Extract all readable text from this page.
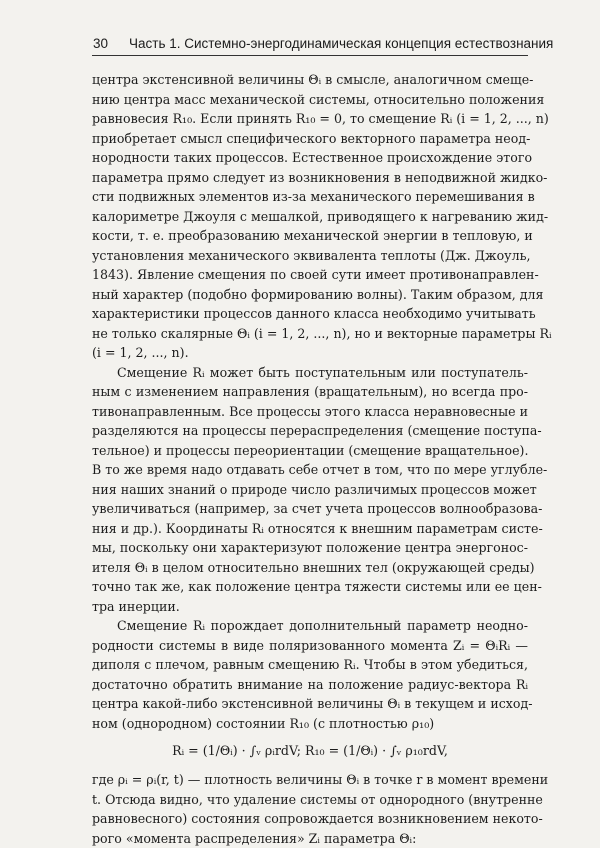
30 Часть 1. Системно-энергодинамическая концепция естествознания
центра экстенсивной величины Θᵢ в смысле, аналогичном смеще-
нию центра масс механической системы, относительно положения
равновесия R₁₀. Если принять R₁₀ = 0, то смещение Rᵢ (i = 1, 2, ..., n)
приобретает смысл специфического векторного параметра неод-
нородности таких процессов. Естественное происхождение этого
параметра прямо следует из возникновения в неподвижной жидко-
сти подвижных элементов из-за механического перемешивания в
калориметре Джоуля с мешалкой, приводящего к нагреванию жид-
кости, т. е. преобразованию механической энергии в тепловую, и
установления механического эквивалента теплоты (Дж. Джоуль,
1843). Явление смещения по своей сути имеет противонаправлен-
ный характер (подобно формированию волны). Таким образом, для
характеристики процессов данного класса необходимо учитывать
не только скалярные Θᵢ (i = 1, 2, ..., n), но и векторные параметры Rᵢ
(i = 1, 2, ..., n).
Смещение Rᵢ может быть поступательным или поступатель-
ным с изменением направления (вращательным), но всегда про-
тивонаправленным. Все процессы этого класса неравновесные и
разделяются на процессы перераспределения (смещение поступа-
тельное) и процессы переориентации (смещение вращательное).
В то же время надо отдавать себе отчет в том, что по мере углубле-
ния наших знаний о природе число различимых процессов может
увеличиваться (например, за счет учета процессов волнообразова-
ния и др.). Координаты Rᵢ относятся к внешним параметрам систе-
мы, поскольку они характеризуют положение центра энергонос-
ителя Θᵢ в целом относительно внешних тел (окружающей среды)
точно так же, как положение центра тяжести системы или ее цен-
тра инерции.
Смещение Rᵢ порождает дополнительный параметр неодно-
родности системы в виде поляризованного момента Zᵢ = ΘᵢRᵢ —
диполя с плечом, равным смещению Rᵢ. Чтобы в этом убедиться,
достаточно обратить внимание на положение радиус-вектора Rᵢ
центра какой-либо экстенсивной величины Θᵢ в текущем и исход-
ном (однородном) состоянии R₁₀ (с плотностью ρ₁₀)
Rᵢ = (1/Θᵢ) · ∫ᵥ ρᵢrdV; R₁₀ = (1/Θᵢ) · ∫ᵥ ρ₁₀rdV,
где ρᵢ = ρᵢ(r, t) — плотность величины Θᵢ в точке r в момент времени
t. Отсюда видно, что удаление системы от однородного (внутренне
равновесного) состояния сопровождается возникновением некото-
рого «момента распределения» Zᵢ параметра Θᵢ:
